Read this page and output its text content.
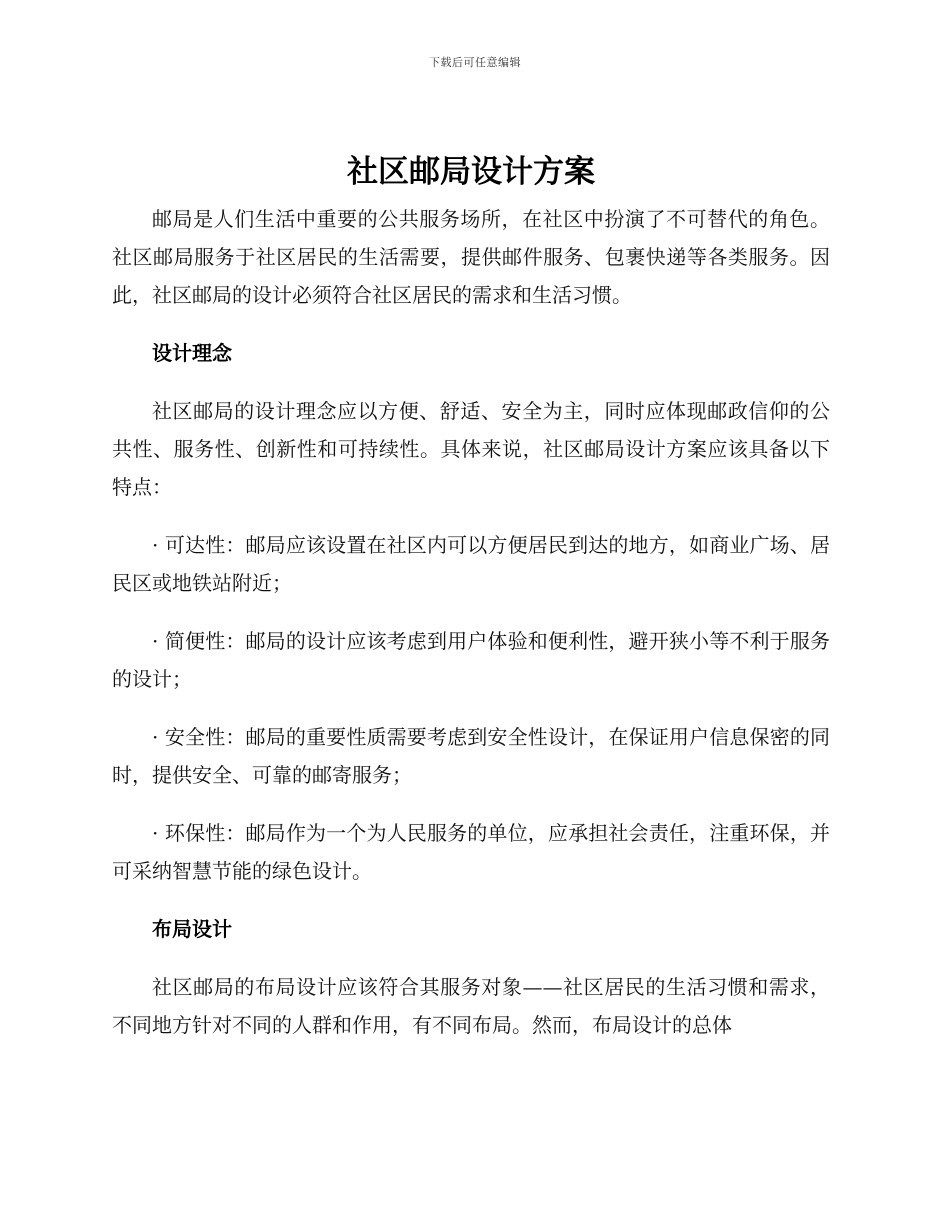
下载后可任意编辑
社区邮局设计方案

邮局是人们生活中重要的公共服务场所，在社区中扮演了不可替代的角色。社区邮局服务于社区居民的生活需要，提供邮件服务、包裹快递等各类服务。因此，社区邮局的设计必须符合社区居民的需求和生活习惯。

设计理念

社区邮局的设计理念应以方便、舒适、安全为主，同时应体现邮政信仰的公共性、服务性、创新性和可持续性。具体来说，社区邮局设计方案应该具备以下特点：

· 可达性：邮局应该设置在社区内可以方便居民到达的地方，如商业广场、居民区或地铁站附近；

· 简便性：邮局的设计应该考虑到用户体验和便利性，避开狭小等不利于服务的设计；

· 安全性：邮局的重要性质需要考虑到安全性设计，在保证用户信息保密的同时，提供安全、可靠的邮寄服务；

· 环保性：邮局作为一个为人民服务的单位，应承担社会责任，注重环保，并可采纳智慧节能的绿色设计。

布局设计

社区邮局的布局设计应该符合其服务对象——社区居民的生活习惯和需求，不同地方针对不同的人群和作用，有不同布局。然而，布局设计的总体
